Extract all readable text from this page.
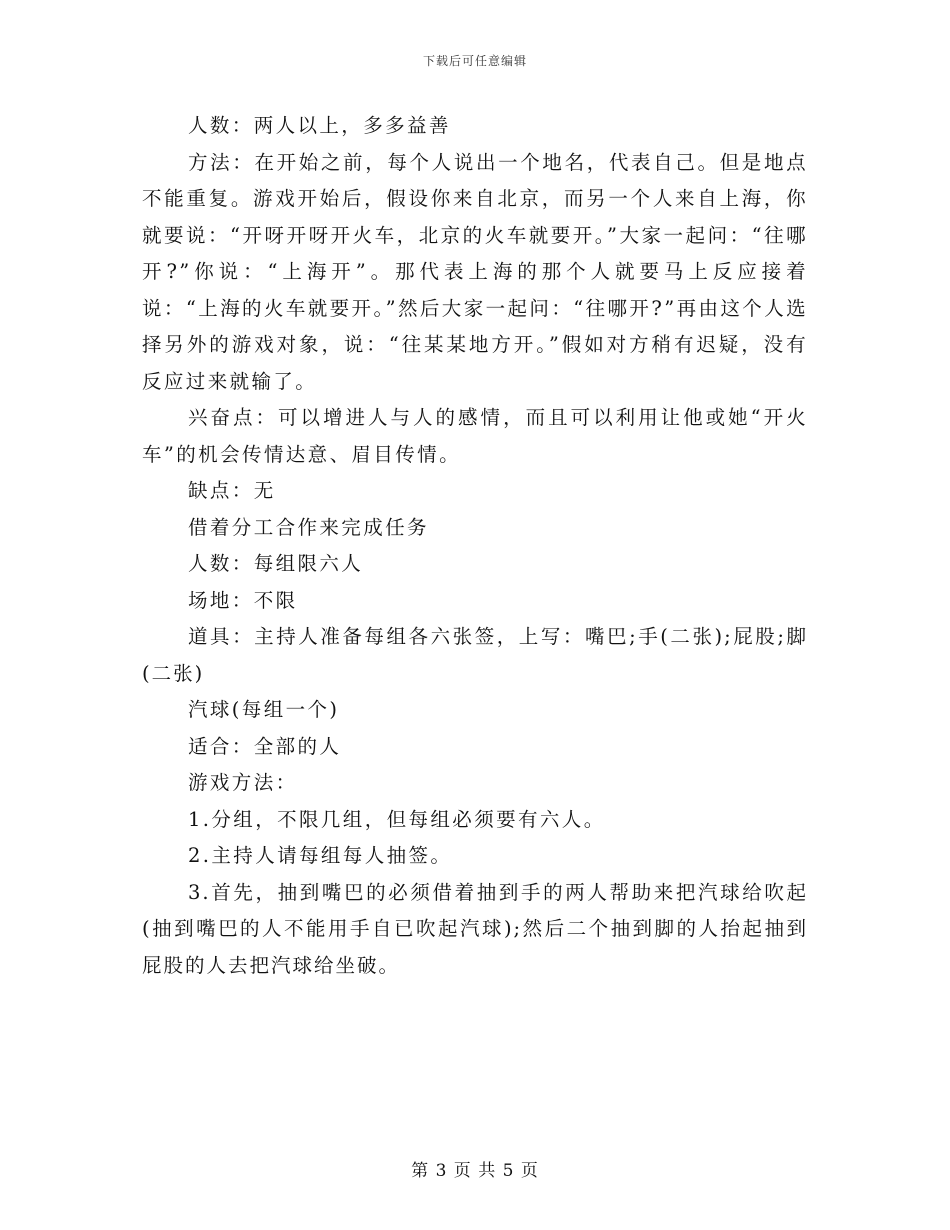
下载后可任意编辑

人数：两人以上，多多益善

方法：在开始之前，每个人说出一个地名，代表自己。但是地点不能重复。游戏开始后，假设你来自北京，而另一个人来自上海，你就要说：“开呀开呀开火车，北京的火车就要开。”大家一起问：“往哪开?”你说：“上海开”。那代表上海的那个人就要马上反应接着说：“上海的火车就要开。”然后大家一起问：“往哪开?”再由这个人选择另外的游戏对象，说：“往某某地方开。”假如对方稍有迟疑，没有反应过来就输了。

兴奋点：可以增进人与人的感情，而且可以利用让他或她“开火车”的机会传情达意、眉目传情。

缺点：无

借着分工合作来完成任务

人数：每组限六人

场地：不限

道具：主持人准备每组各六张签，上写：嘴巴;手(二张);屁股;脚(二张)

汽球(每组一个)

适合：全部的人

游戏方法：

1.分组，不限几组，但每组必须要有六人。

2.主持人请每组每人抽签。

3.首先，抽到嘴巴的必须借着抽到手的两人帮助来把汽球给吹起(抽到嘴巴的人不能用手自已吹起汽球);然后二个抽到脚的人抬起抽到屁股的人去把汽球给坐破。

第 3 页 共 5 页
